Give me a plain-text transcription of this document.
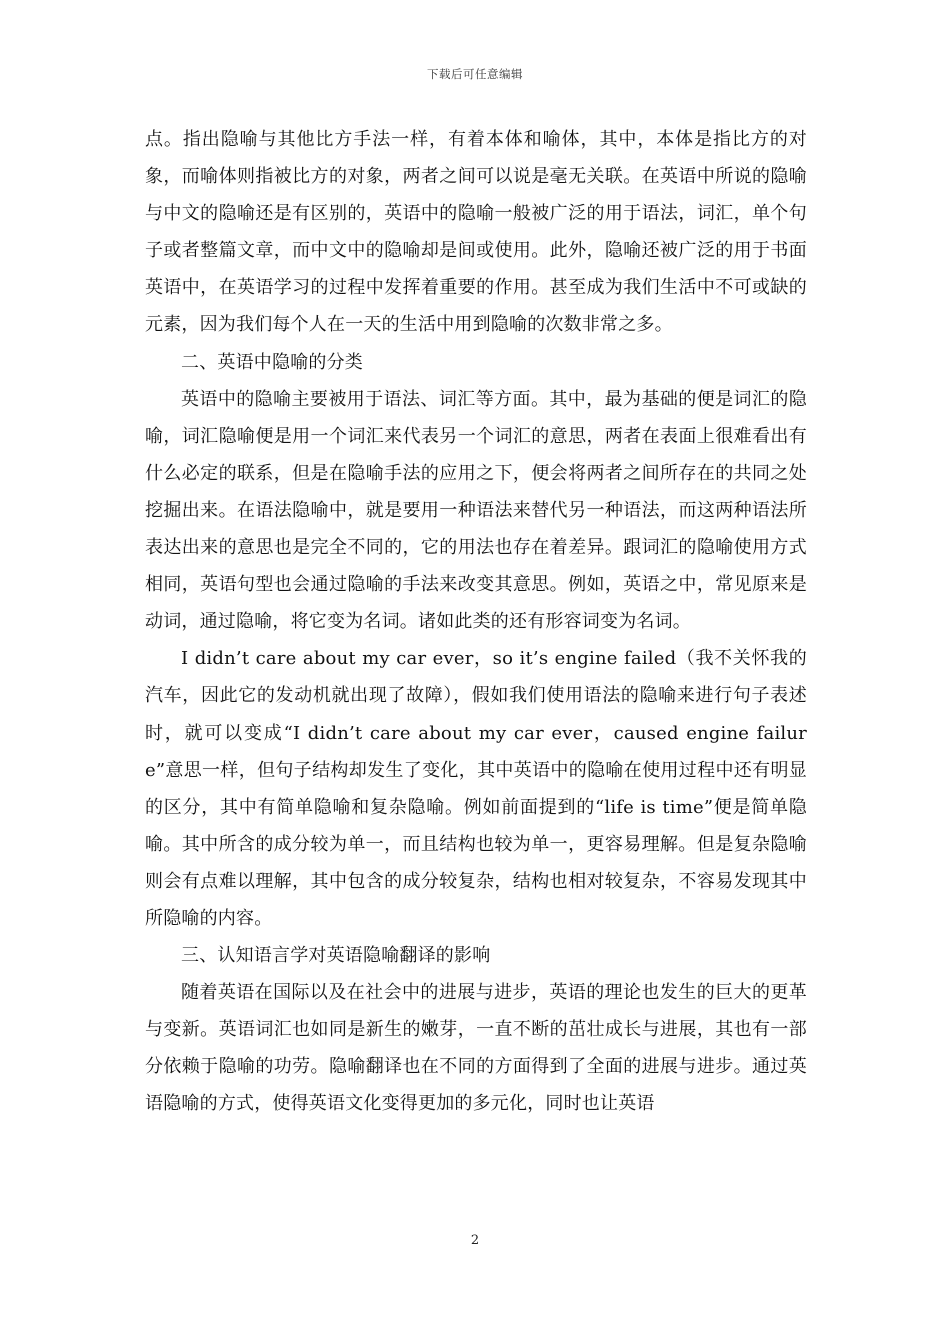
下载后可任意编辑

点。指出隐喻与其他比方手法一样，有着本体和喻体，其中，本体是指比方的对象，而喻体则指被比方的对象，两者之间可以说是毫无关联。在英语中所说的隐喻与中文的隐喻还是有区别的，英语中的隐喻一般被广泛的用于语法，词汇，单个句子或者整篇文章，而中文中的隐喻却是间或使用。此外，隐喻还被广泛的用于书面英语中，在英语学习的过程中发挥着重要的作用。甚至成为我们生活中不可或缺的元素，因为我们每个人在一天的生活中用到隐喻的次数非常之多。

二、英语中隐喻的分类

英语中的隐喻主要被用于语法、词汇等方面。其中，最为基础的便是词汇的隐喻，词汇隐喻便是用一个词汇来代表另一个词汇的意思，两者在表面上很难看出有什么必定的联系，但是在隐喻手法的应用之下，便会将两者之间所存在的共同之处挖掘出来。在语法隐喻中，就是要用一种语法来替代另一种语法，而这两种语法所表达出来的意思也是完全不同的，它的用法也存在着差异。跟词汇的隐喻使用方式相同，英语句型也会通过隐喻的手法来改变其意思。例如，英语之中，常见原来是动词，通过隐喻，将它变为名词。诸如此类的还有形容词变为名词。

I didn’t care about my car ever，so it’s engine failed（我不关怀我的汽车，因此它的发动机就出现了故障），假如我们使用语法的隐喻来进行句子表述时，就可以变成“I didn’t care about my car ever，caused engine failure”意思一样，但句子结构却发生了变化，其中英语中的隐喻在使用过程中还有明显的区分，其中有简单隐喻和复杂隐喻。例如前面提到的“life is time”便是简单隐喻。其中所含的成分较为单一，而且结构也较为单一，更容易理解。但是复杂隐喻则会有点难以理解，其中包含的成分较复杂，结构也相对较复杂，不容易发现其中所隐喻的内容。

三、认知语言学对英语隐喻翻译的影响

随着英语在国际以及在社会中的进展与进步，英语的理论也发生的巨大的更革与变新。英语词汇也如同是新生的嫩芽，一直不断的茁壮成长与进展，其也有一部分依赖于隐喻的功劳。隐喻翻译也在不同的方面得到了全面的进展与进步。通过英语隐喻的方式，使得英语文化变得更加的多元化，同时也让英语

2
